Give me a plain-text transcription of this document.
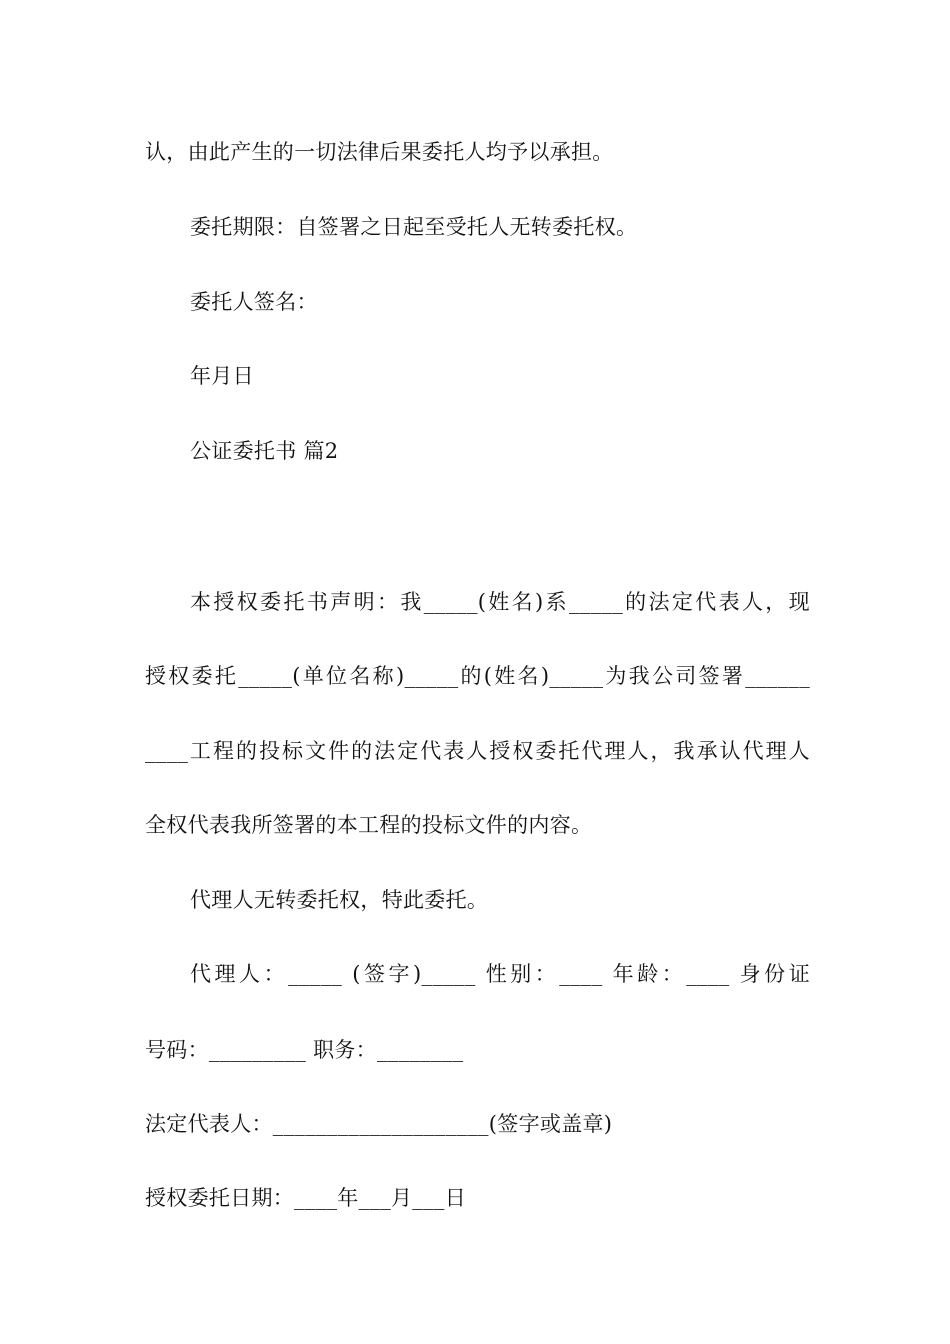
认，由此产生的一切法律后果委托人均予以承担。
委托期限：自签署之日起至受托人无转委托权。
委托人签名：
年月日
公证委托书 篇2
本授权委托书声明：我_____(姓名)系_____的法定代表人，现
授权委托_____(单位名称)_____的(姓名)_____为我公司签署______
____工程的投标文件的法定代表人授权委托代理人，我承认代理人
全权代表我所签署的本工程的投标文件的内容。
代理人无转委托权，特此委托。
代理人：_____ (签字)_____ 性别：____ 年龄：____ 身份证
号码：_________ 职务：________
法定代表人：____________________(签字或盖章)
授权委托日期：____年___月___日
